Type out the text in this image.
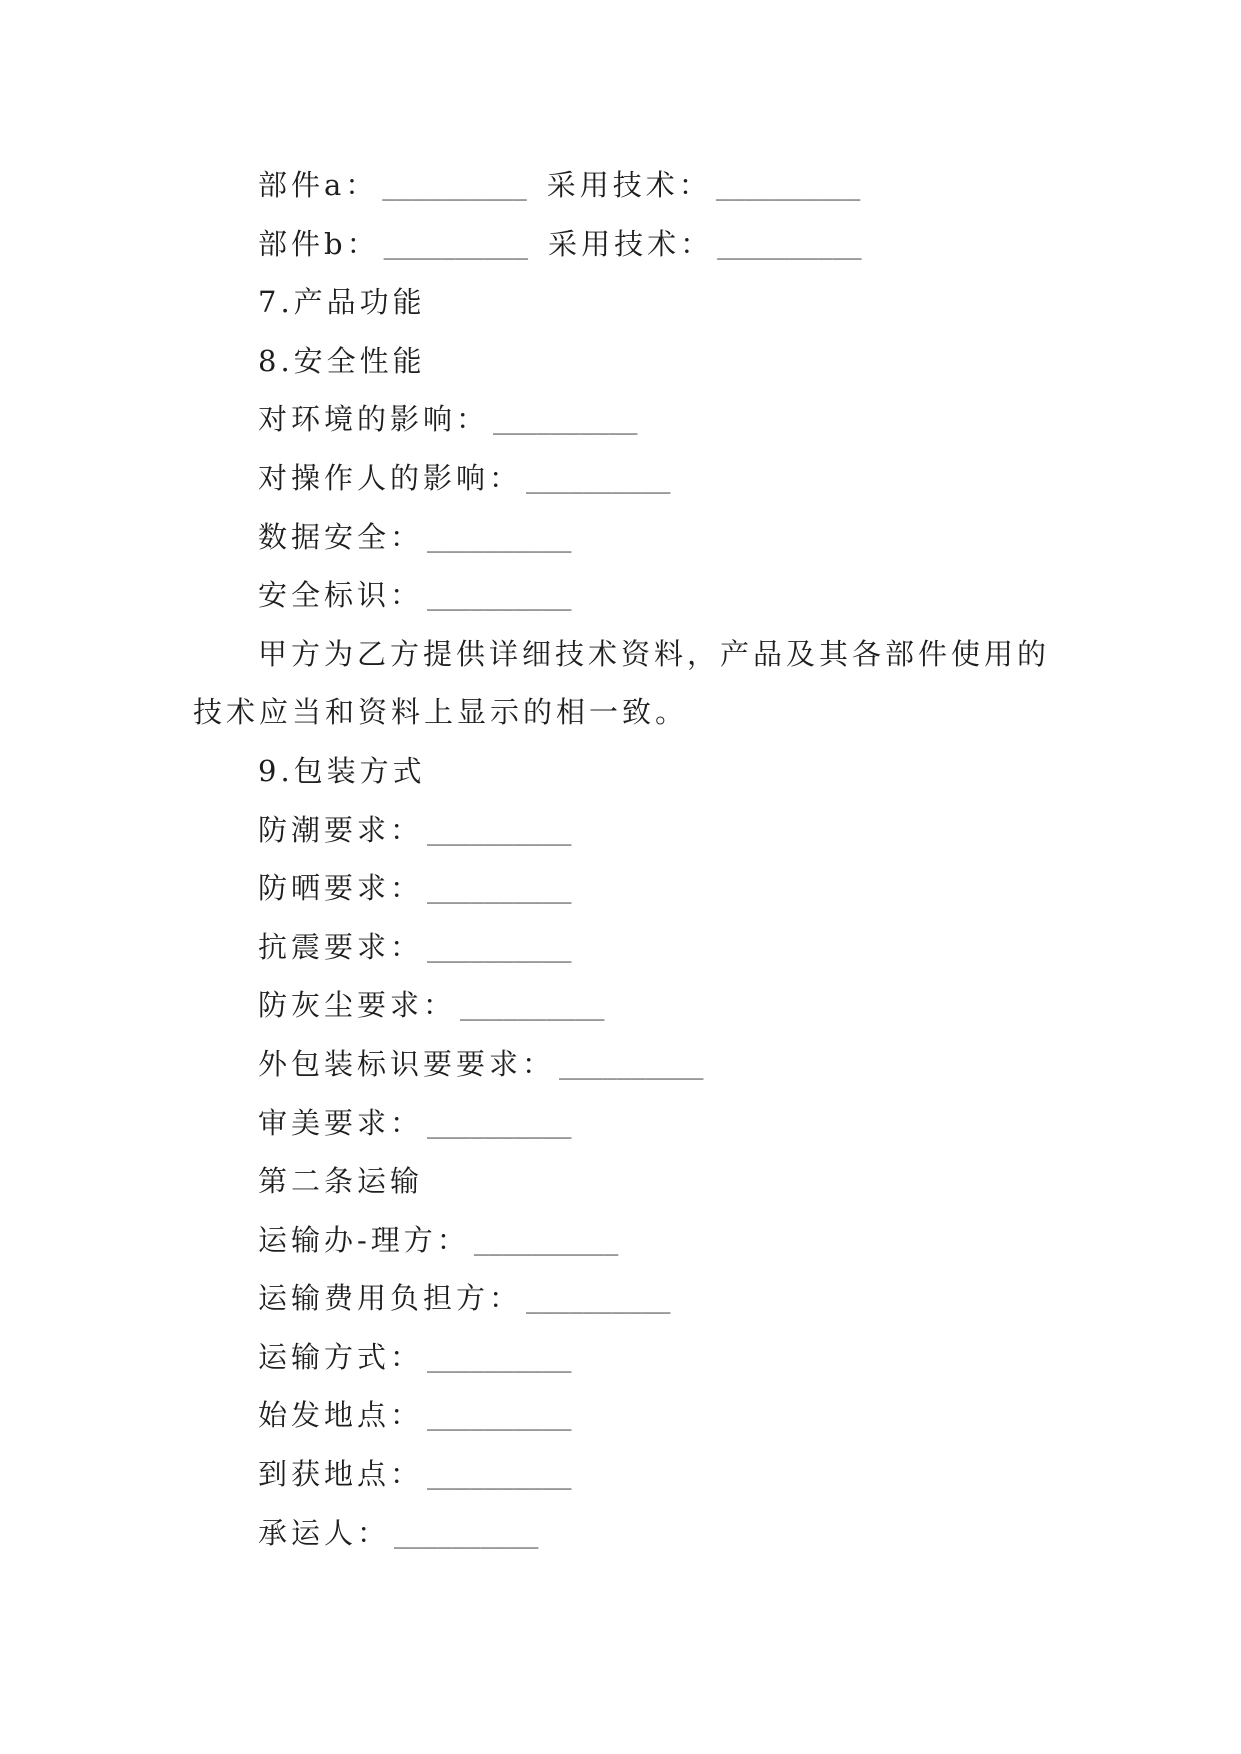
部件a： __________ 采用技术： __________
部件b： __________ 采用技术： __________
7.产品功能
8.安全性能
对环境的影响： __________
对操作人的影响： __________
数据安全： __________
安全标识： __________
甲方为乙方提供详细技术资料，产品及其各部件使用的
技术应当和资料上显示的相一致。
9.包装方式
防潮要求： __________
防晒要求： __________
抗震要求： __________
防灰尘要求： __________
外包装标识要要求： __________
审美要求： __________
第二条运输
运输办-理方： __________
运输费用负担方： __________
运输方式： __________
始发地点： __________
到获地点： __________
承运人： __________
